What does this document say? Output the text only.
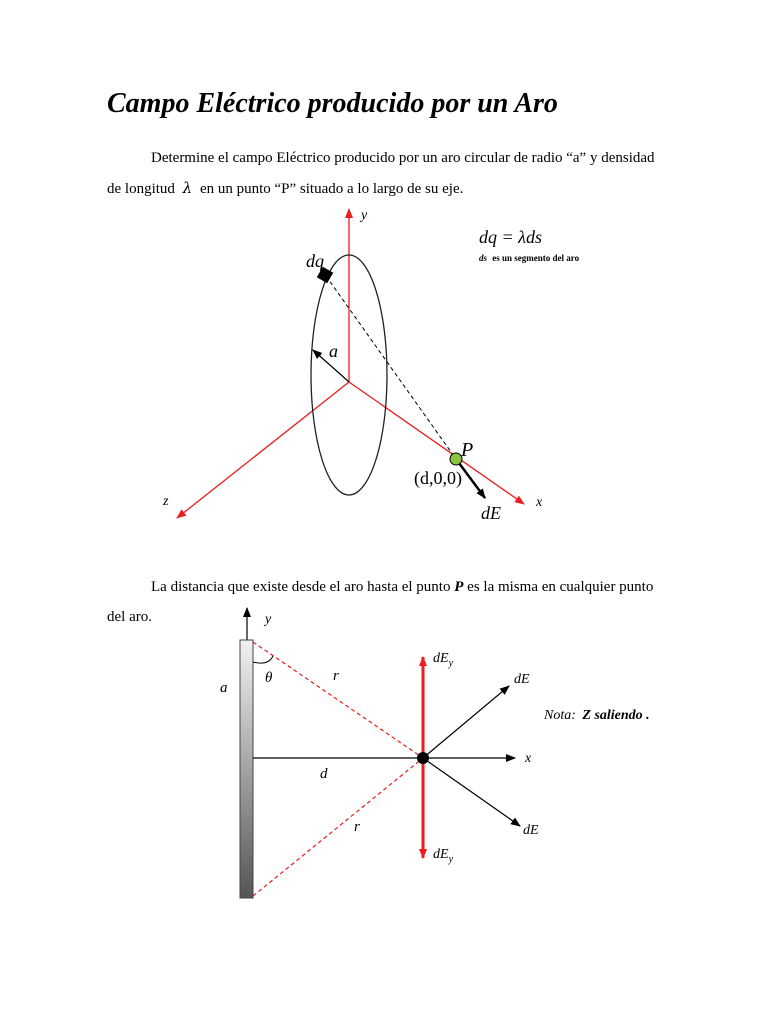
Campo Eléctrico producido por un Aro
Determine el campo Eléctrico producido por un aro circular de radio “a” y densidad de longitud λ en un punto “P” situado a lo largo de su eje.
y
x
z
dq
a
P
(d,0,0)
dE
dq = λds
ds es un segmento del aro
La distancia que existe desde el aro hasta el punto P es la misma en cualquier punto del aro.	y
x
a
θ	r
r
d
$dE_y$
$dE_y$
dE
dE
Nota: Z saliendo .
